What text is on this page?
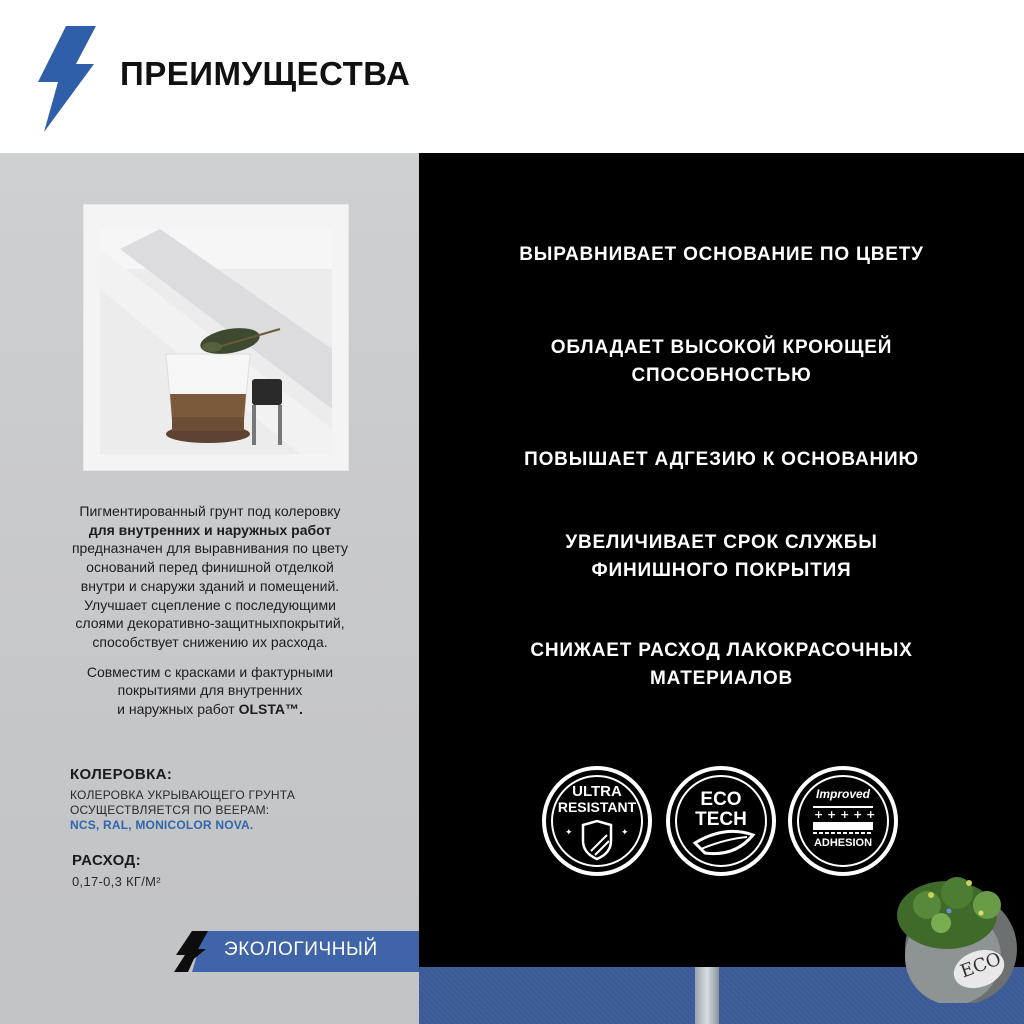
ПРЕИМУЩЕСТВА

Пигментированный грунт под колеровку

для внутренних и наружных работ

предназначен для выравнивания по цвету

оснований перед финишной отделкой

внутри и снаружи зданий и помещений.

Улучшает сцепление с последующими

слоями декоративно-защитныхпокрытий,

способствует снижению их расхода.

Совместим с красками и фактурными

покрытиями для внутренних

и наружных работ OLSTA™.

КОЛЕРОВКА:
КОЛЕРОВКА УКРЫВАЮЩЕГО ГРУНТА
ОСУЩЕСТВЛЯЕТСЯ ПО ВЕЕРАМ:
NCS, RAL, MONICOLOR NOVA.
РАСХОД:
0,17-0,3 КГ/М²
ЭКОЛОГИЧНЫЙ
ВЫРАВНИВАЕТ ОСНОВАНИЕ ПО ЦВЕТУ
ОБЛАДАЕТ ВЫСОКОЙ КРОЮЩЕЙ
СПОСОБНОСТЬЮ
ПОВЫШАЕТ АДГЕЗИЮ К ОСНОВАНИЮ
УВЕЛИЧИВАЕТ СРОК СЛУЖБЫ
ФИНИШНОГО ПОКРЫТИЯ
СНИЖАЕТ РАСХОД ЛАКОКРАСОЧНЫХ
МАТЕРИАЛОВ
✦	✦
ULTRA
RESISTANT	ECO
TECH	+ + + + +
Improved
ADHESION
ECO
